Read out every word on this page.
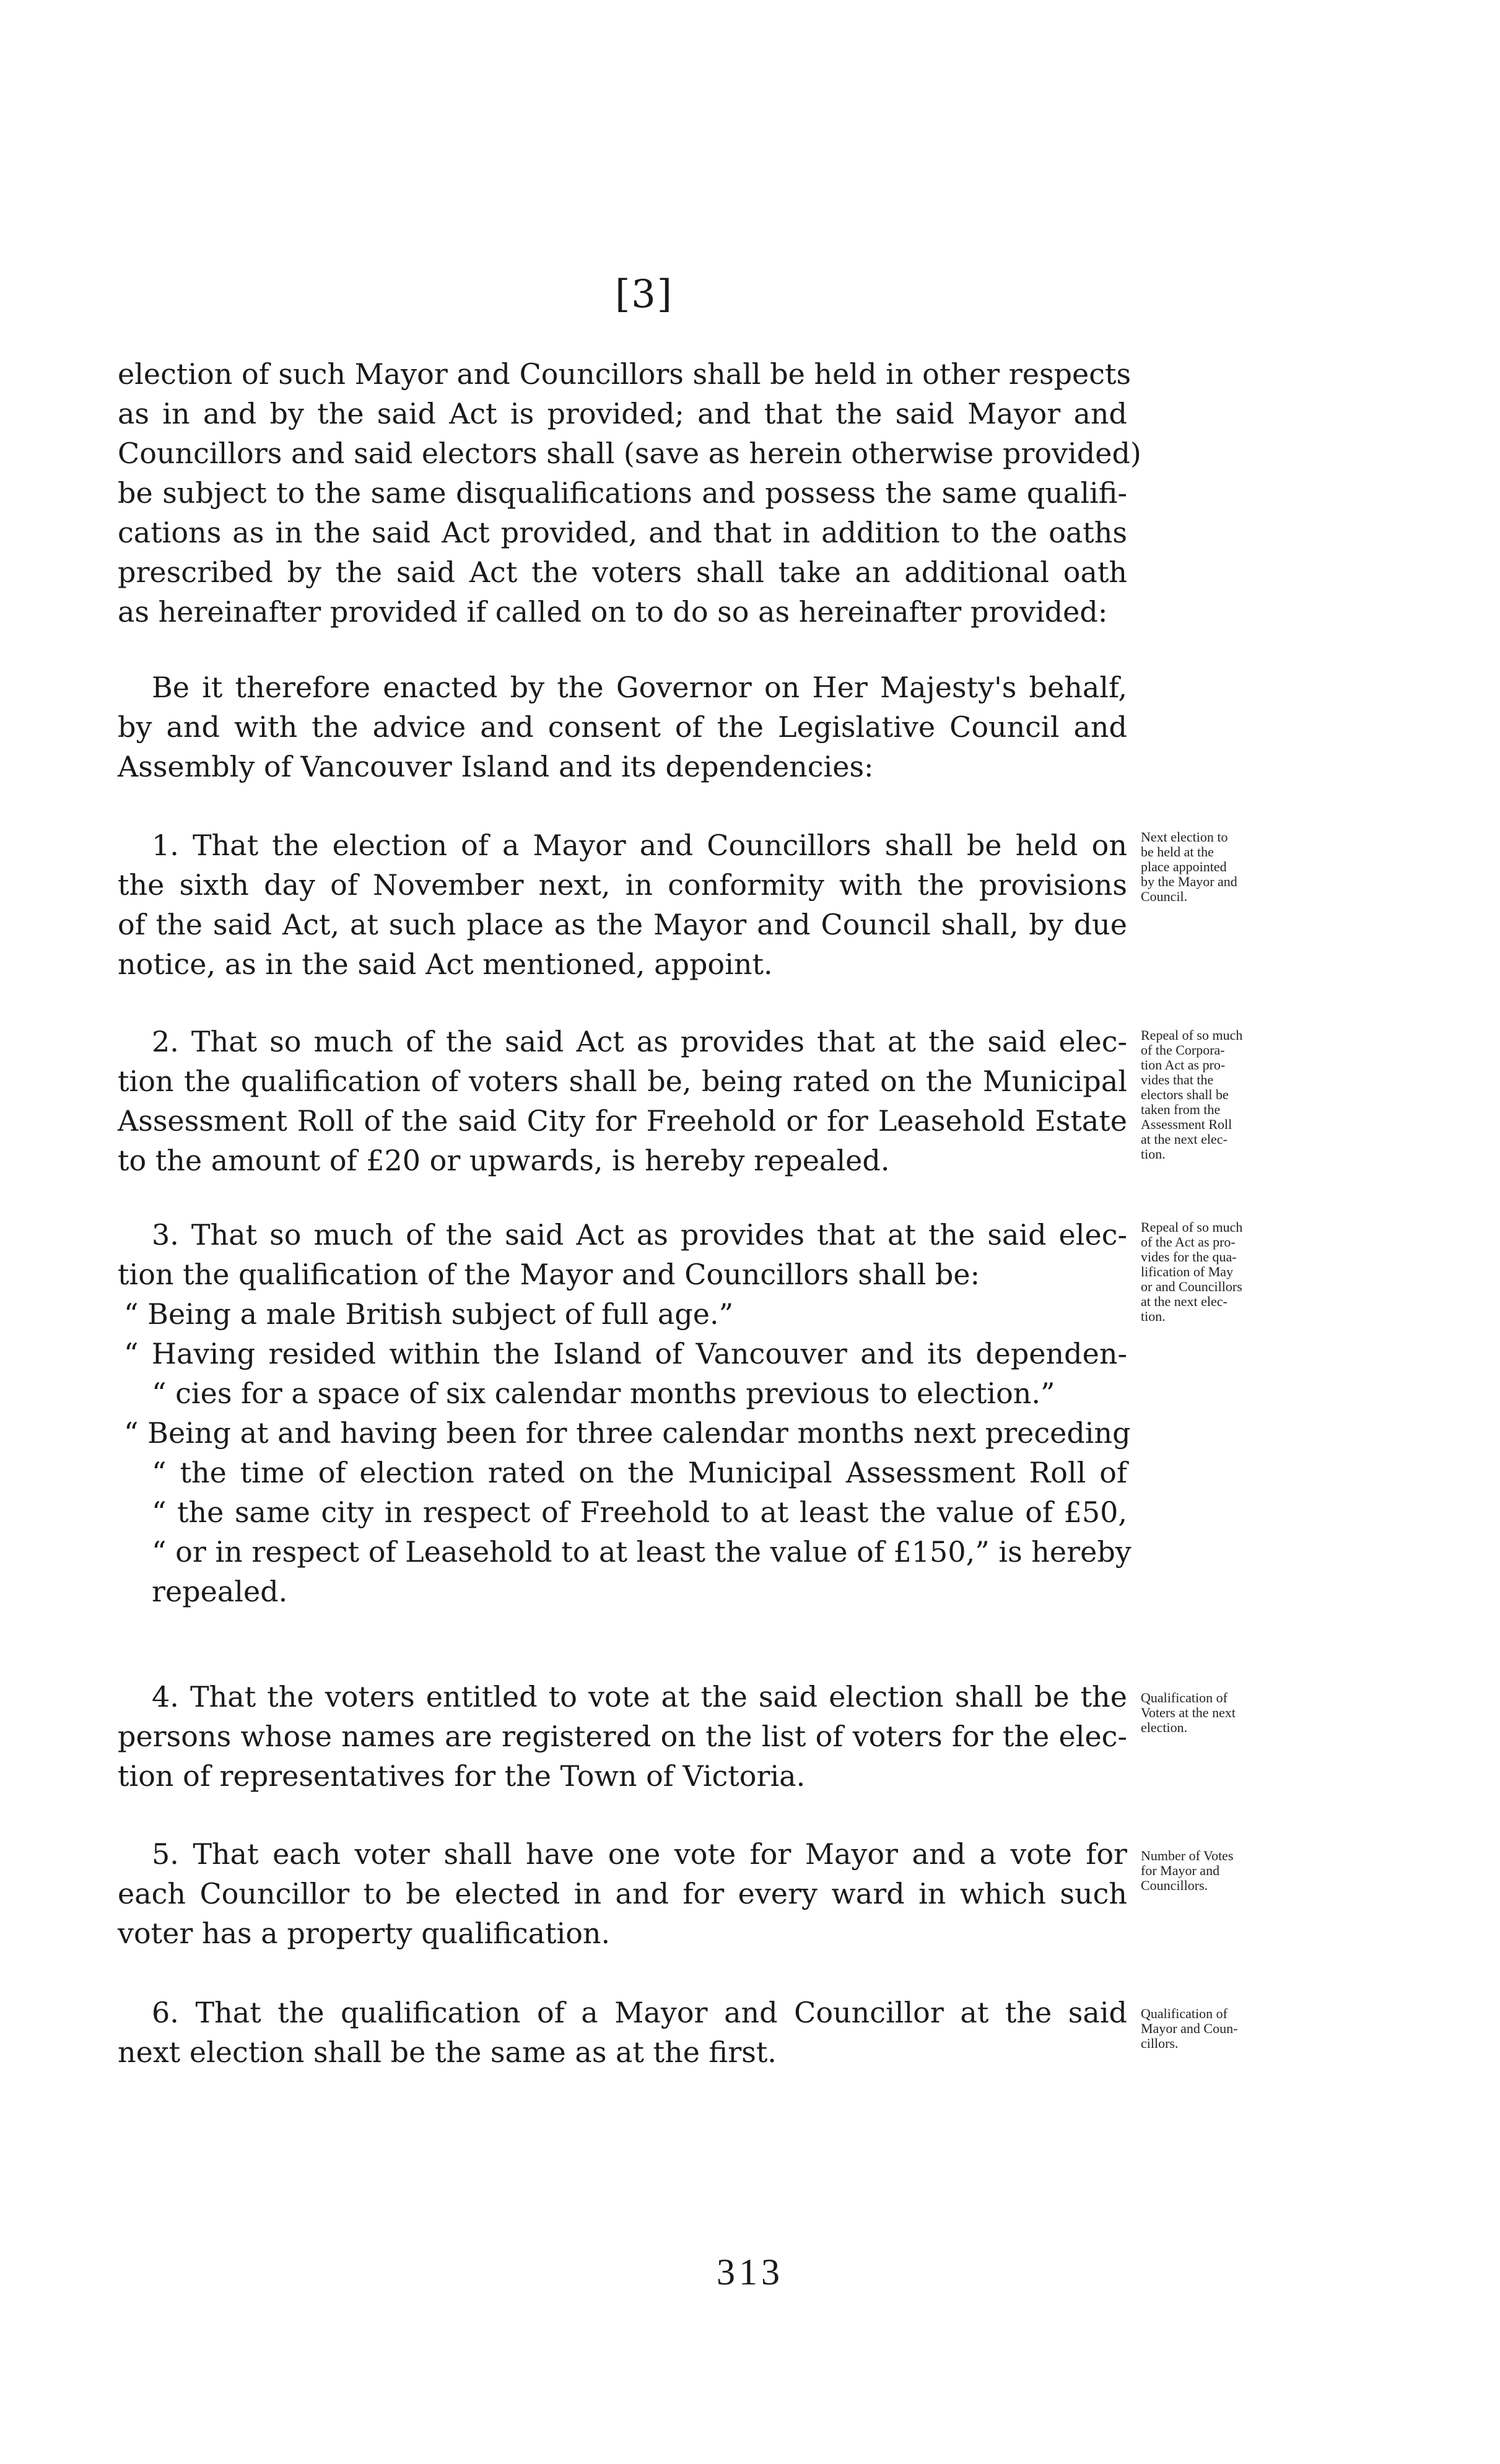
[3]
election of such Mayor and Councillors shall be held in other respects
as in and by the said Act is provided; and that the said Mayor and
Councillors and said electors shall (save as herein otherwise provided)
be subject to the same disqualifications and possess the same qualifi-
cations as in the said Act provided, and that in addition to the oaths
prescribed by the said Act the voters shall take an additional oath
as hereinafter provided if called on to do so as hereinafter provided:
Be it therefore enacted by the Governor on Her Majesty's behalf,
by and with the advice and consent of the Legislative Council and
Assembly of Vancouver Island and its dependencies:
1. That the election of a Mayor and Councillors shall be held on
the sixth day of November next, in conformity with the provisions
of the said Act, at such place as the Mayor and Council shall, by due
notice, as in the said Act mentioned, appoint.
Next election to
be held at the
place appointed
by the Mayor and
Council.
2. That so much of the said Act as provides that at the said elec-
tion the qualification of voters shall be, being rated on the Municipal
Assessment Roll of the said City for Freehold or for Leasehold Estate
to the amount of £20 or upwards, is hereby repealed.
Repeal of so much
of the Corpora-
tion Act as pro-
vides that the
electors shall be
taken from the
Assessment Roll
at the next elec-
tion.
3. That so much of the said Act as provides that at the said elec-
tion the qualification of the Mayor and Councillors shall be:
“ Being a male British subject of full age.”
“ Having resided within the Island of Vancouver and its dependen-
“ cies for a space of six calendar months previous to election.”
“ Being at and having been for three calendar months next preceding
“ the time of election rated on the Municipal Assessment Roll of
“ the same city in respect of Freehold to at least the value of £50,
“ or in respect of Leasehold to at least the value of £150,” is hereby
repealed.
Repeal of so much
of the Act as pro-
vides for the qua-
lification of May
or and Councillors
at the next elec-
tion.
4. That the voters entitled to vote at the said election shall be the
persons whose names are registered on the list of voters for the elec-
tion of representatives for the Town of Victoria.
Qualification of
Voters at the next
election.
5. That each voter shall have one vote for Mayor and a vote for
each Councillor to be elected in and for every ward in which such
voter has a property qualification.
Number of Votes
for Mayor and
Councillors.
6. That the qualification of a Mayor and Councillor at the said
next election shall be the same as at the first.
Qualification of
Mayor and Coun-
cillors.
313
